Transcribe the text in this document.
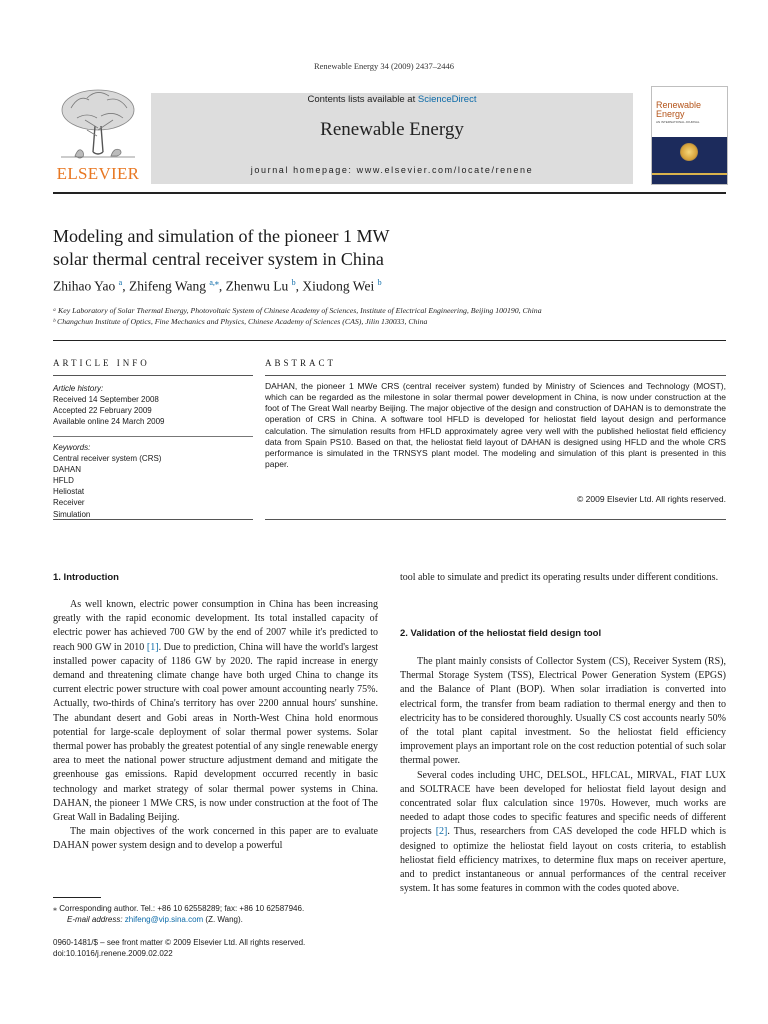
Renewable Energy 34 (2009) 2437–2446
ELSEVIER
Contents lists available at ScienceDirect
Renewable Energy
journal homepage: www.elsevier.com/locate/renene
Renewable Energy
AN INTERNATIONAL JOURNAL
Modeling and simulation of the pioneer 1 MW
solar thermal central receiver system in China
Zhihao Yao $^a$, Zhifeng Wang $^{a,⁎}$, Zhenwu Lu $^b$, Xiudong Wei $^b$
ᵃ Key Laboratory of Solar Thermal Energy, Photovoltaic System of Chinese Academy of Sciences, Institute of Electrical Engineering, Beijing 100190, China
ᵇ Changchun Institute of Optics, Fine Mechanics and Physics, Chinese Academy of Sciences (CAS), Jilin 130033, China
ARTICLE INFO	ABSTRACT
Article history:
Received 14 September 2008
Accepted 22 February 2009
Available online 24 March 2009
Keywords:
Central receiver system (CRS)
DAHAN
HFLD
Heliostat
Receiver
Simulation
DAHAN, the pioneer 1 MWe CRS (central receiver system) funded by Ministry of Sciences and Technology (MOST), which can be regarded as the milestone in solar thermal power development in China, is now under construction at the foot of The Great Wall nearby Beijing. The major objective of the design and construction of DAHAN is to demonstrate the operation of CRS in China. A software tool HFLD is developed for heliostat field layout design and performance calculation. The simulation results from HFLD approximately agree very well with the published heliostat field efficiency data from Spain PS10. Based on that, the heliostat field layout of DAHAN is designed using HFLD and the whole CRS performance is simulated in the TRNSYS plant model. The modeling and simulation of this plant is presented in this paper.
© 2009 Elsevier Ltd. All rights reserved.
1. Introduction

As well known, electric power consumption in China has been increasing greatly with the rapid economic development. Its total installed capacity of electric power has achieved 700 GW by the end of 2007 while it's predicted to reach 900 GW in 2010 [1]. Due to prediction, China will have the world's largest installed power capacity of 1186 GW by 2020. The rapid increase in energy demand and threatening climate change have both urged China to change its current electric power structure with coal power amount accounting nearly 75%. Actually, two-thirds of China's territory has over 2200 annual hours' sunshine. The abundant desert and Gobi areas in North-West China hold enormous potential for large-scale deployment of solar thermal power systems. Solar thermal power has probably the greatest potential of any single renewable energy area to meet the national power structure adjustment demand and mitigate the greenhouse gas emissions. Rapid development occurred recently in basic technology and market strategy of solar thermal power systems in China. DAHAN, the pioneer 1 MWe CRS, is now under construction at the foot of The Great Wall in Badaling Beijing.

The main objectives of the work concerned in this paper are to evaluate DAHAN power system design and to develop a powerful

tool able to simulate and predict its operating results under different conditions.
2. Validation of the heliostat field design tool

The plant mainly consists of Collector System (CS), Receiver System (RS), Thermal Storage System (TSS), Electrical Power Generation System (EPGS) and the Balance of Plant (BOP). When solar irradiation is converted into electrical form, the transfer from beam radiation to thermal energy and then to electricity has to be considered thoroughly. Usually CS cost accounts nearly 50% of the total plant capital investment. So the heliostat field efficiency improvement plays an important role on the cost reduction potential of such solar thermal power.

Several codes including UHC, DELSOL, HFLCAL, MIRVAL, FIAT LUX and SOLTRACE have been developed for heliostat field layout design and concentrated solar flux calculation since 1970s. However, much works are needed to adapt those codes to specific features and specific needs of different projects [2]. Thus, researchers from CAS developed the code HFLD which is designed to optimize the heliostat field layout on costs criteria, to establish heliostat field efficiency matrixes, to determine flux maps on receiver aperture, and to predict instantaneous or annual performances of the central receiver system. It has some features in common with the codes quoted above.

⁎ Corresponding author. Tel.: +86 10 62558289; fax: +86 10 62587946.
E-mail address: zhifeng@vip.sina.com (Z. Wang).
0960-1481/$ – see front matter © 2009 Elsevier Ltd. All rights reserved.
doi:10.1016/j.renene.2009.02.022
